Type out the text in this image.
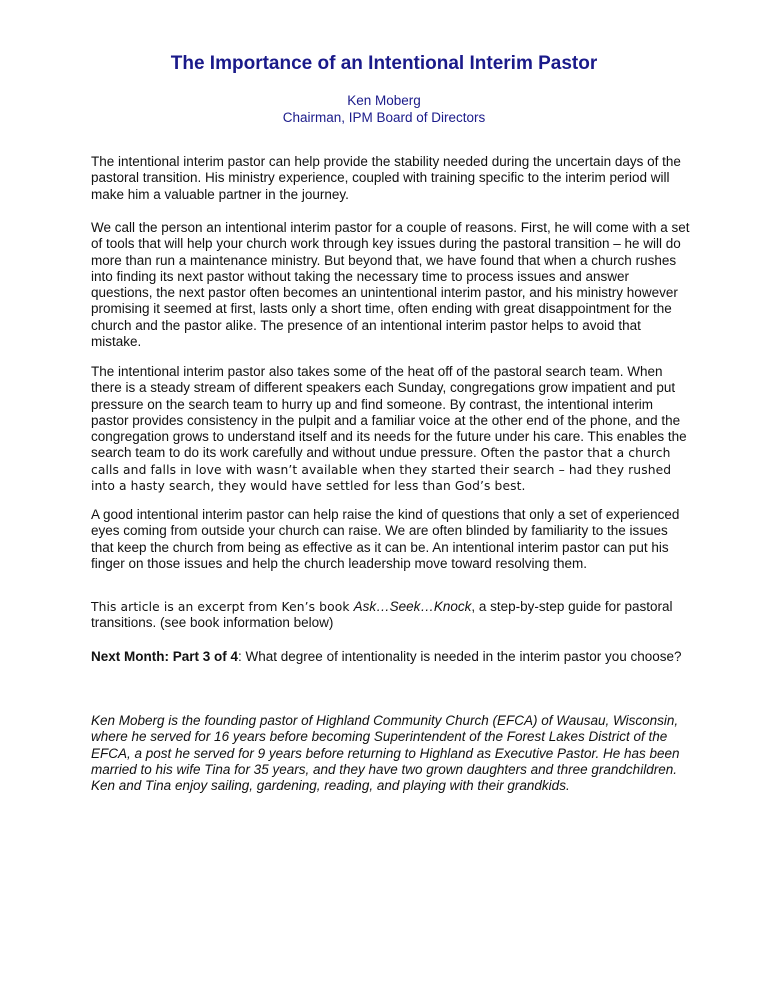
The Importance of an Intentional Interim Pastor
Ken Moberg
Chairman, IPM Board of Directors

The intentional interim pastor can help provide the stability needed during the uncertain days of the pastoral transition. His ministry experience, coupled with training specific to the interim period will make him a valuable partner in the journey.

We call the person an intentional interim pastor for a couple of reasons. First, he will come with a set of tools that will help your church work through key issues during the pastoral transition – he will do more than run a maintenance ministry. But beyond that, we have found that when a church rushes into finding its next pastor without taking the necessary time to process issues and answer questions, the next pastor often becomes an unintentional interim pastor, and his ministry however promising it seemed at first, lasts only a short time, often ending with great disappointment for the church and the pastor alike. The presence of an intentional interim pastor helps to avoid that mistake.

The intentional interim pastor also takes some of the heat off of the pastoral search team. When there is a steady stream of different speakers each Sunday, congregations grow impatient and put pressure on the search team to hurry up and find someone. By contrast, the intentional interim pastor provides consistency in the pulpit and a familiar voice at the other end of the phone, and the congregation grows to understand itself and its needs for the future under his care. This enables the search team to do its work carefully and without undue pressure. Often the pastor that a church calls and falls in love with wasn’t available when they started their search – had they rushed into a hasty search, they would have settled for less than God’s best.

A good intentional interim pastor can help raise the kind of questions that only a set of experienced eyes coming from outside your church can raise. We are often blinded by familiarity to the issues that keep the church from being as effective as it can be. An intentional interim pastor can put his finger on those issues and help the church leadership move toward resolving them.

This article is an excerpt from Ken’s book Ask…Seek…Knock, a step-by-step guide for pastoral transitions. (see book information below)

Next Month: Part 3 of 4: What degree of intentionality is needed in the interim pastor you choose?

Ken Moberg is the founding pastor of Highland Community Church (EFCA) of Wausau, Wisconsin, where he served for 16 years before becoming Superintendent of the Forest Lakes District of the EFCA, a post he served for 9 years before returning to Highland as Executive Pastor. He has been married to his wife Tina for 35 years, and they have two grown daughters and three grandchildren. Ken and Tina enjoy sailing, gardening, reading, and playing with their grandkids.
